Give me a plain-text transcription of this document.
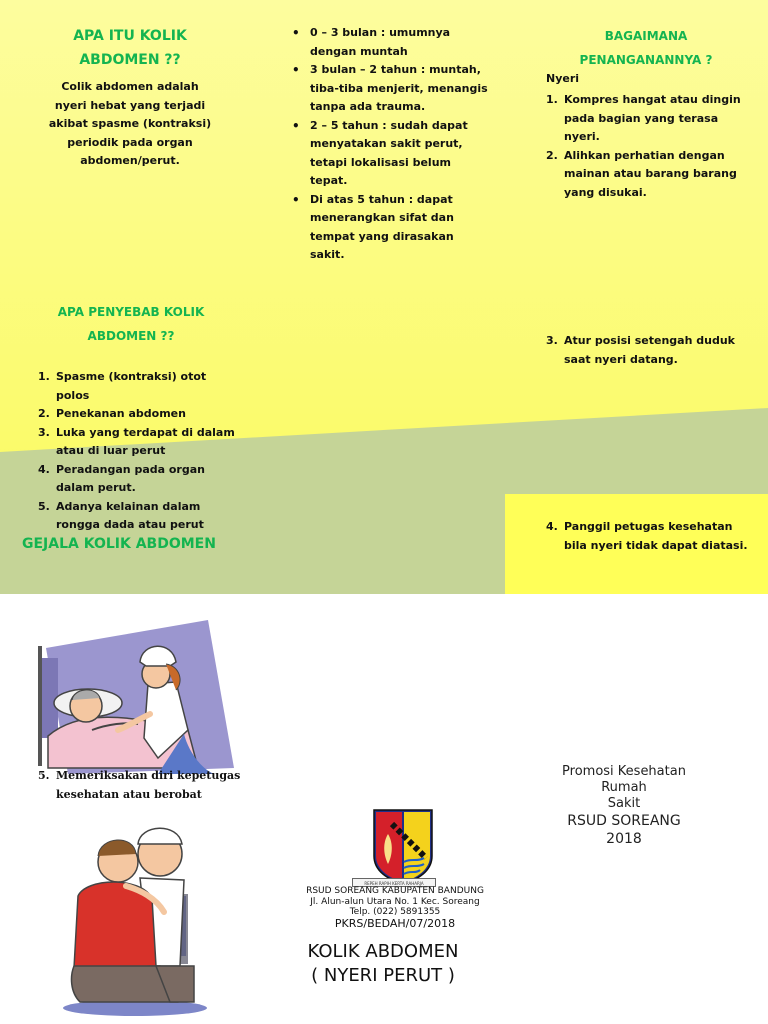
APA ITU KOLIK
ABDOMEN ??
Colik abdomen adalah nyeri hebat yang terjadi akibat spasme (kontraksi) periodik pada organ abdomen/perut.
APA PENYEBAB KOLIK
ABDOMEN ??
1. Spasme (kontraksi) otot polos
2. Penekanan abdomen
3. Luka yang terdapat di dalam atau di luar perut
4. Peradangan pada organ dalam perut.
5. Adanya kelainan dalam rongga dada atau perut
GEJALA KOLIK ABDOMEN
• 0 – 3 bulan : umumnya dengan muntah
• 3 bulan – 2 tahun : muntah, tiba-tiba menjerit, menangis tanpa ada trauma.
• 2 – 5 tahun : sudah dapat menyatakan sakit perut, tetapi lokalisasi belum tepat.
• Di atas 5 tahun : dapat menerangkan sifat dan tempat yang dirasakan sakit.
BAGAIMANA
PENANGANANNYA ?
Nyeri
1. Kompres hangat atau dingin pada bagian yang terasa nyeri.
2. Alihkan perhatian dengan mainan atau barang barang yang disukai.
3. Atur posisi setengah duduk saat nyeri datang.
4. Panggil petugas kesehatan bila nyeri tidak dapat diatasi.
5. Memeriksakan diri kepetugas kesehatan atau berobat
REPEH RAPIH KERTA RAHARJA
RSUD SOREANG KABUPATEN BANDUNG
Jl. Alun-alun Utara No. 1 Kec. Soreang
Telp. (022) 5891355
PKRS/BEDAH/07/2018
KOLIK ABDOMEN
( NYERI PERUT )
Promosi Kesehatan Rumah
Sakit
RSUD SOREANG
2018
